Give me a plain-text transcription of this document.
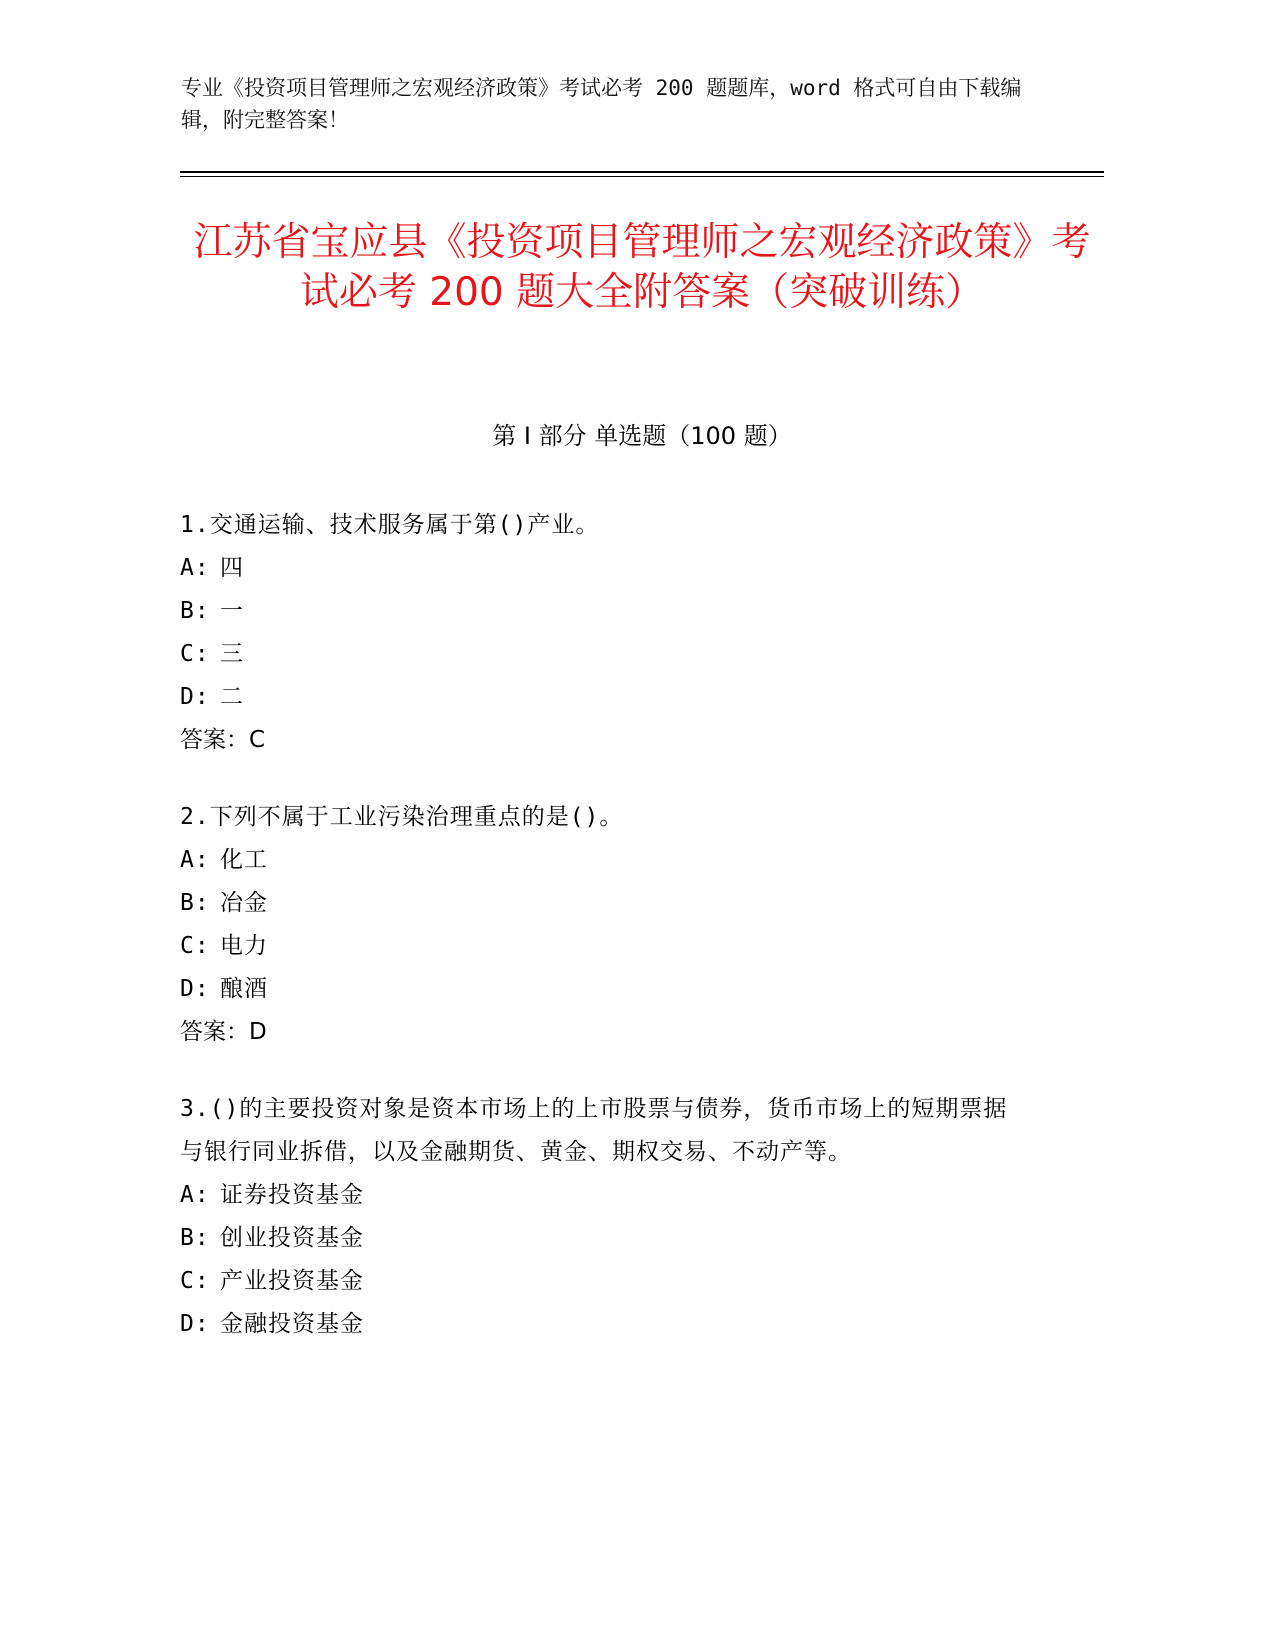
专业《投资项目管理师之宏观经济政策》考试必考 200 题题库，word 格式可自由下载编辑，附完整答案！
江苏省宝应县《投资项目管理师之宏观经济政策》考试必考 200 题大全附答案（突破训练）
第 I 部分 单选题（100 题）

1.交通运输、技术服务属于第()产业。

A: 四

B: 一

C: 三

D: 二

答案：C

2.下列不属于工业污染治理重点的是()。

A: 化工

B: 冶金

C: 电力

D: 酿酒

答案：D

3.()的主要投资对象是资本市场上的上市股票与债券，货币市场上的短期票据与银行同业拆借，以及金融期货、黄金、期权交易、不动产等。

A: 证券投资基金

B: 创业投资基金

C: 产业投资基金

D: 金融投资基金
